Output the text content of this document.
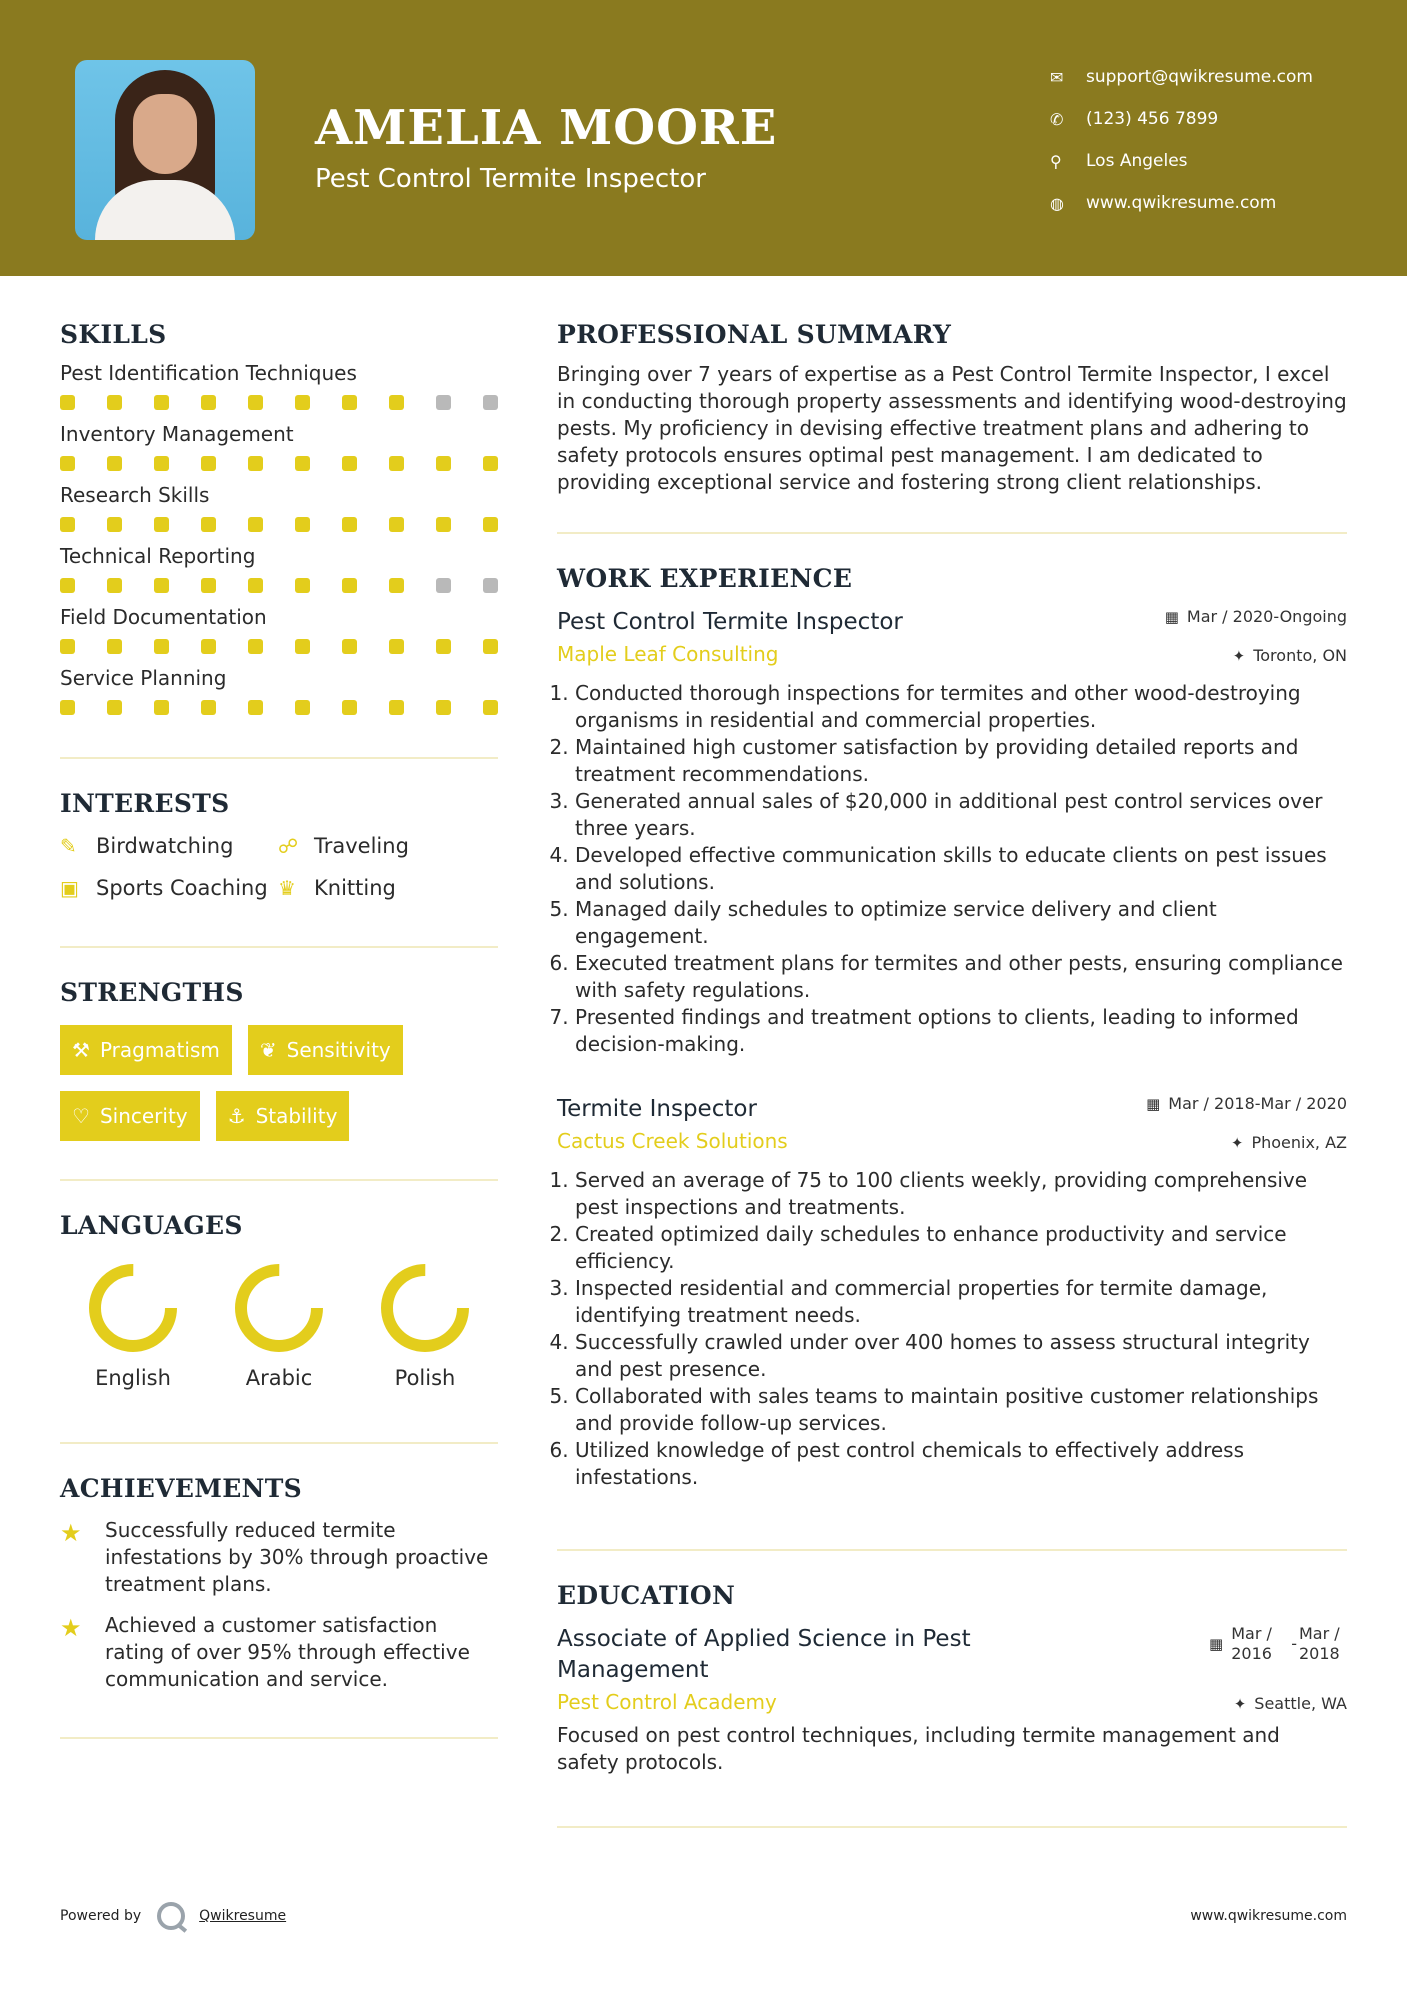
AMELIA MOORE
Pest Control Termite Inspector
✉	support@qwikresume.com
✆	(123) 456 7899
⚲	Los Angeles
◍	www.qwikresume.com
SKILLS
Pest Identification Techniques
Inventory Management
Research Skills
Technical Reporting
Field Documentation
Service Planning
INTERESTS
✎ Birdwatching ☍ Traveling
▣ Sports Coaching ♛ Knitting
STRENGTHS
⚒ Pragmatism ❦ Sensitivity
♡ Sincerity ⚓ Stability
LANGUAGES
English	Arabic	Polish
ACHIEVEMENTS
★	Successfully reduced termite infestations by 30% through proactive treatment plans.
★	Achieved a customer satisfaction rating of over 95% through effective communication and service.
PROFESSIONAL SUMMARY

Bringing over 7 years of expertise as a Pest Control Termite Inspector, I excel in conducting thorough property assessments and identifying wood-destroying pests. My proficiency in devising effective treatment plans and adhering to safety protocols ensures optimal pest management. I am dedicated to providing exceptional service and fostering strong client relationships.

WORK EXPERIENCE
Pest Control Termite Inspector	▦ Mar / 2020-Ongoing
Maple Leaf Consulting	✦ Toronto, ON
1. Conducted thorough inspections for termites and other wood-destroying organisms in residential and commercial properties.
2. Maintained high customer satisfaction by providing detailed reports and treatment recommendations.
3. Generated annual sales of $20,000 in additional pest control services over three years.
4. Developed effective communication skills to educate clients on pest issues and solutions.
5. Managed daily schedules to optimize service delivery and client engagement.
6. Executed treatment plans for termites and other pests, ensuring compliance with safety regulations.
7. Presented findings and treatment options to clients, leading to informed decision-making.
Termite Inspector	▦ Mar / 2018-Mar / 2020
Cactus Creek Solutions	✦ Phoenix, AZ
1. Served an average of 75 to 100 clients weekly, providing comprehensive pest inspections and treatments.
2. Created optimized daily schedules to enhance productivity and service efficiency.
3. Inspected residential and commercial properties for termite damage, identifying treatment needs.
4. Successfully crawled under over 400 homes to assess structural integrity and pest presence.
5. Collaborated with sales teams to maintain positive customer relationships and provide follow-up services.
6. Utilized knowledge of pest control chemicals to effectively address infestations.
EDUCATION
Associate of Applied Science in Pest Management
▦
Mar / 2016
-
Mar / 2018
Pest Control Academy	✦ Seattle, WA

Focused on pest control techniques, including termite management and safety protocols.

Powered by	Qwikresume	www.qwikresume.com
